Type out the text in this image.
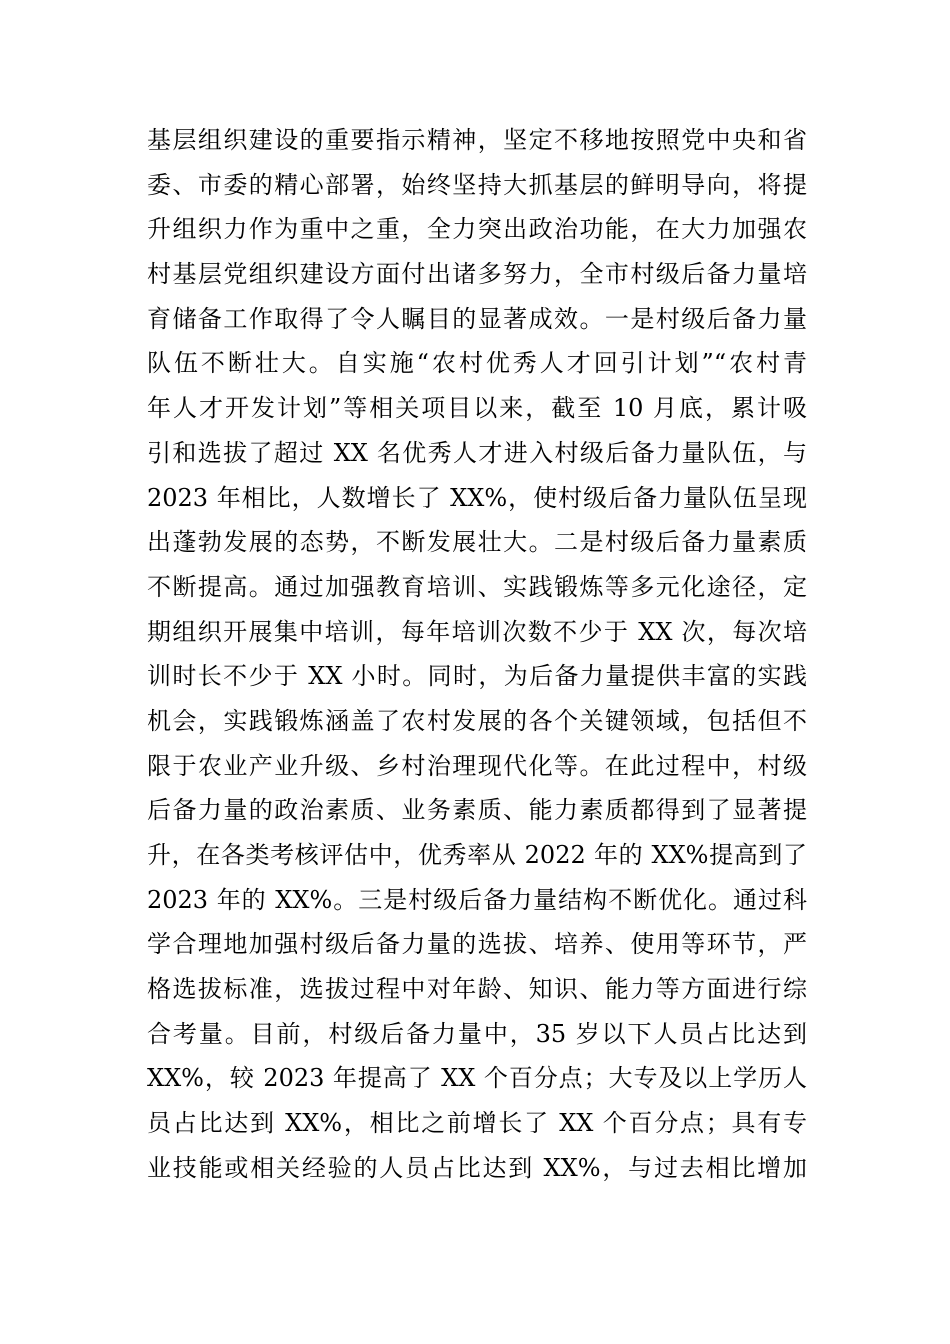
基层组织建设的重要指示精神，坚定不移地按照党中央和省
委、市委的精心部署，始终坚持大抓基层的鲜明导向，将提
升组织力作为重中之重，全力突出政治功能，在大力加强农
村基层党组织建设方面付出诸多努力，全市村级后备力量培
育储备工作取得了令人瞩目的显著成效。一是村级后备力量
队伍不断壮大。自实施“农村优秀人才回引计划”“农村青
年人才开发计划”等相关项目以来，截至 10 月底，累计吸
引和选拔了超过 XX 名优秀人才进入村级后备力量队伍，与
2023 年相比，人数增长了 XX%，使村级后备力量队伍呈现
出蓬勃发展的态势，不断发展壮大。二是村级后备力量素质
不断提高。通过加强教育培训、实践锻炼等多元化途径，定
期组织开展集中培训，每年培训次数不少于 XX 次，每次培
训时长不少于 XX 小时。同时，为后备力量提供丰富的实践
机会，实践锻炼涵盖了农村发展的各个关键领域，包括但不
限于农业产业升级、乡村治理现代化等。在此过程中，村级
后备力量的政治素质、业务素质、能力素质都得到了显著提
升，在各类考核评估中，优秀率从 2022 年的 XX%提高到了
2023 年的 XX%。三是村级后备力量结构不断优化。通过科
学合理地加强村级后备力量的选拔、培养、使用等环节，严
格选拔标准，选拔过程中对年龄、知识、能力等方面进行综
合考量。目前，村级后备力量中，35 岁以下人员占比达到
XX%，较 2023 年提高了 XX 个百分点；大专及以上学历人
员占比达到 XX%，相比之前增长了 XX 个百分点；具有专
业技能或相关经验的人员占比达到 XX%，与过去相比增加
